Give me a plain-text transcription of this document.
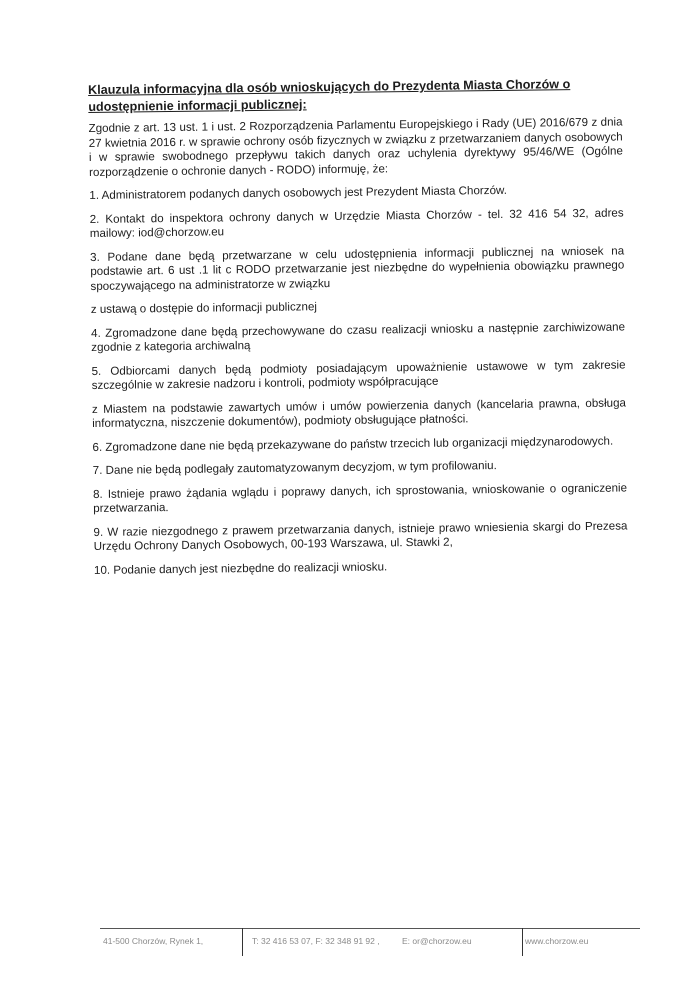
Klauzula informacyjna dla osób wnioskujących do Prezydenta Miasta Chorzów o udostępnienie informacji publicznej:

Zgodnie z art. 13 ust. 1 i ust. 2 Rozporządzenia Parlamentu Europejskiego i Rady (UE) 2016/679 z dnia 27 kwietnia 2016 r. w sprawie ochrony osób fizycznych w związku z przetwarzaniem danych osobowych i w sprawie swobodnego przepływu takich danych oraz uchylenia dyrektywy 95/46/WE (Ogólne rozporządzenie o ochronie danych - RODO) informuję, że:

1. Administratorem podanych danych osobowych jest Prezydent Miasta Chorzów.

2. Kontakt do inspektora ochrony danych w Urzędzie Miasta Chorzów - tel. 32 416 54 32, adres mailowy: iod@chorzow.eu

3. Podane dane będą przetwarzane w celu udostępnienia informacji publicznej na wniosek na podstawie art. 6 ust .1 lit c RODO przetwarzanie jest niezbędne do wypełnienia obowiązku prawnego spoczywającego na administratorze w związku

z ustawą o dostępie do informacji publicznej

4. Zgromadzone dane będą przechowywane do czasu realizacji wniosku a następnie zarchiwizowane zgodnie z kategoria archiwalną

5. Odbiorcami danych będą podmioty posiadającym upoważnienie ustawowe w tym zakresie szczególnie w zakresie nadzoru i kontroli, podmioty współpracujące

z Miastem na podstawie zawartych umów i umów powierzenia danych (kancelaria prawna, obsługa informatyczna, niszczenie dokumentów), podmioty obsługujące płatności.

6. Zgromadzone dane nie będą przekazywane do państw trzecich lub organizacji międzynarodowych.

7. Dane nie będą podlegały zautomatyzowanym decyzjom, w tym profilowaniu.

8. Istnieje prawo żądania wglądu i poprawy danych, ich sprostowania, wnioskowanie o ograniczenie przetwarzania.

9. W razie niezgodnego z prawem przetwarzania danych, istnieje prawo wniesienia skargi do Prezesa Urzędu Ochrony Danych Osobowych, 00-193 Warszawa, ul. Stawki 2,

10. Podanie danych jest niezbędne do realizacji wniosku.

41-500 Chorzów, Rynek 1,	T: 32 416 53 07, F: 32 348 91 92 ,	E: or@chorzow.eu	www.chorzow.eu
